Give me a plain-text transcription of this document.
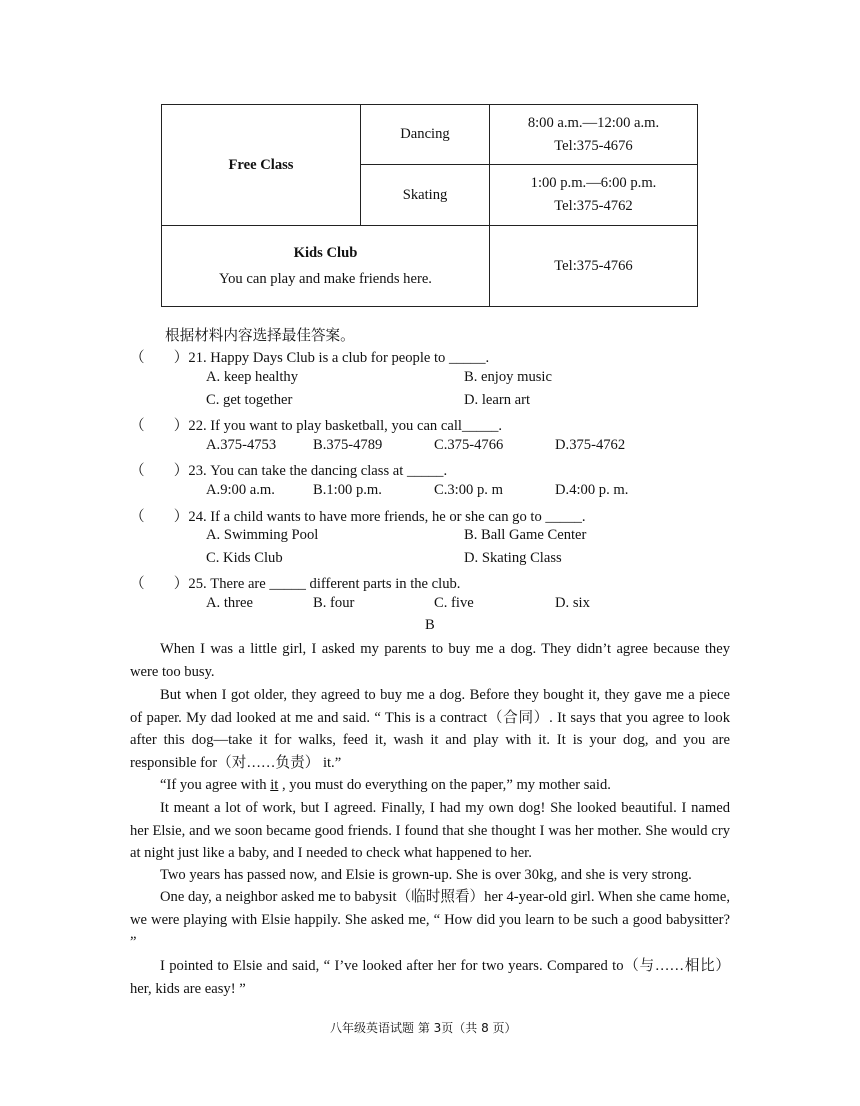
Free Class	Dancing	8:00 a.m.—12:00 a.m.
Tel:375-4676

	Skating	1:00 p.m.—6:00 p.m.
Tel:375-4762

Kids Club
You can play and make friends here.		Tel:375-4766
根据材料内容选择最佳答案。
（　　）21. Happy Days Club is a club for people to _____.
A. keep healthy	B. enjoy music
C. get together	D. learn art
（　　）22. If you want to play basketball, you can call_____.
A.375-4753	B.375-4789	C.375-4766	D.375-4762
（　　）23. You can take the dancing class at _____.
A.9:00 a.m.	B.1:00 p.m.	C.3:00 p. m	D.4:00 p. m.
（　　）24. If a child wants to have more friends, he or she can go to _____.
A. Swimming Pool	B. Ball Game Center
C. Kids Club	D. Skating Class
（　　）25. There are _____ different parts in the club.
A. three	B. four	C. five	D. six
B
When I was a little girl, I asked my parents to buy me a dog. They didn’t agree because they were too busy.
But when I got older, they agreed to buy me a dog. Before they bought it, they gave me a piece of paper. My dad looked at me and said. “ This is a contract（合同）. It says that you agree to look after this dog—take it for walks, feed it, wash it and play with it. It is your dog, and you are responsible for（对……负责） it.”
“If you agree with it , you must do everything on the paper,” my mother said.
It meant a lot of work, but I agreed. Finally, I had my own dog! She looked beautiful. I named her Elsie, and we soon became good friends. I found that she thought I was her mother. She would cry at night just like a baby, and I needed to check what happened to her.
Two years has passed now, and Elsie is grown-up. She is over 30kg, and she is very strong.
One day, a neighbor asked me to babysit（临时照看）her 4-year-old girl. When she came home, we were playing with Elsie happily. She asked me, “ How did you learn to be such a good babysitter? ”
I pointed to Elsie and said, “ I’ve looked after her for two years. Compared to（与……相比）her, kids are easy! ”
八年级英语试题 第 3页（共 8 页）
